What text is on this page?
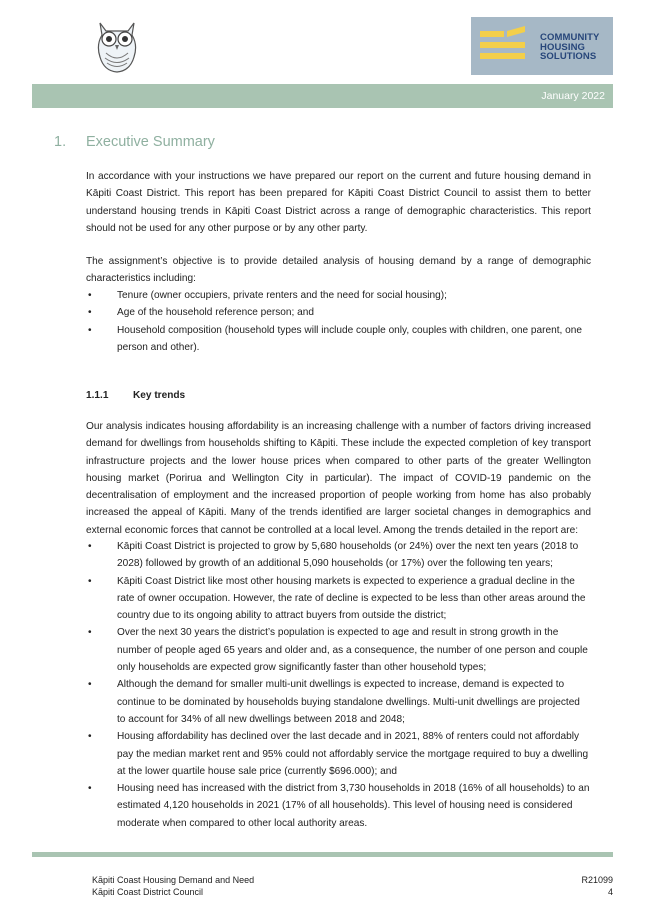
COMMUNITY HOUSING SOLUTIONS
January 2022
1. Executive Summary
In accordance with your instructions we have prepared our report on the current and future housing demand in Kāpiti Coast District. This report has been prepared for Kāpiti Coast District Council to assist them to better understand housing trends in Kāpiti Coast District across a range of demographic characteristics. This report should not be used for any other purpose or by any other party.
The assignment’s objective is to provide detailed analysis of housing demand by a range of demographic characteristics including:
• Tenure (owner occupiers, private renters and the need for social housing);
• Age of the household reference person; and
• Household composition (household types will include couple only, couples with children, one parent, one person and other).
1.1.1 Key trends
Our analysis indicates housing affordability is an increasing challenge with a number of factors driving increased demand for dwellings from households shifting to Kāpiti. These include the expected completion of key transport infrastructure projects and the lower house prices when compared to other parts of the greater Wellington housing market (Porirua and Wellington City in particular). The impact of COVID-19 pandemic on the decentralisation of employment and the increased proportion of people working from home has also probably increased the appeal of Kāpiti. Many of the trends identified are larger societal changes in demographics and external economic forces that cannot be controlled at a local level. Among the trends detailed in the report are:
• Kāpiti Coast District is projected to grow by 5,680 households (or 24%) over the next ten years (2018 to 2028) followed by growth of an additional 5,090 households (or 17%) over the following ten years;
• Kāpiti Coast District like most other housing markets is expected to experience a gradual decline in the rate of owner occupation. However, the rate of decline is expected to be less than other areas around the country due to its ongoing ability to attract buyers from outside the district;
• Over the next 30 years the district’s population is expected to age and result in strong growth in the number of people aged 65 years and older and, as a consequence, the number of one person and couple only households are expected grow significantly faster than other household types;
• Although the demand for smaller multi-unit dwellings is expected to increase, demand is expected to continue to be dominated by households buying standalone dwellings. Multi-unit dwellings are projected to account for 34% of all new dwellings between 2018 and 2048;
• Housing affordability has declined over the last decade and in 2021, 88% of renters could not affordably pay the median market rent and 95% could not affordably service the mortgage required to buy a dwelling at the lower quartile house sale price (currently $696.000); and
• Housing need has increased with the district from 3,730 households in 2018 (16% of all households) to an estimated 4,120 households in 2021 (17% of all households). This level of housing need is considered moderate when compared to other local authority areas.
Kāpiti Coast Housing Demand and Need
Kāpiti Coast District Council
R21099
4
